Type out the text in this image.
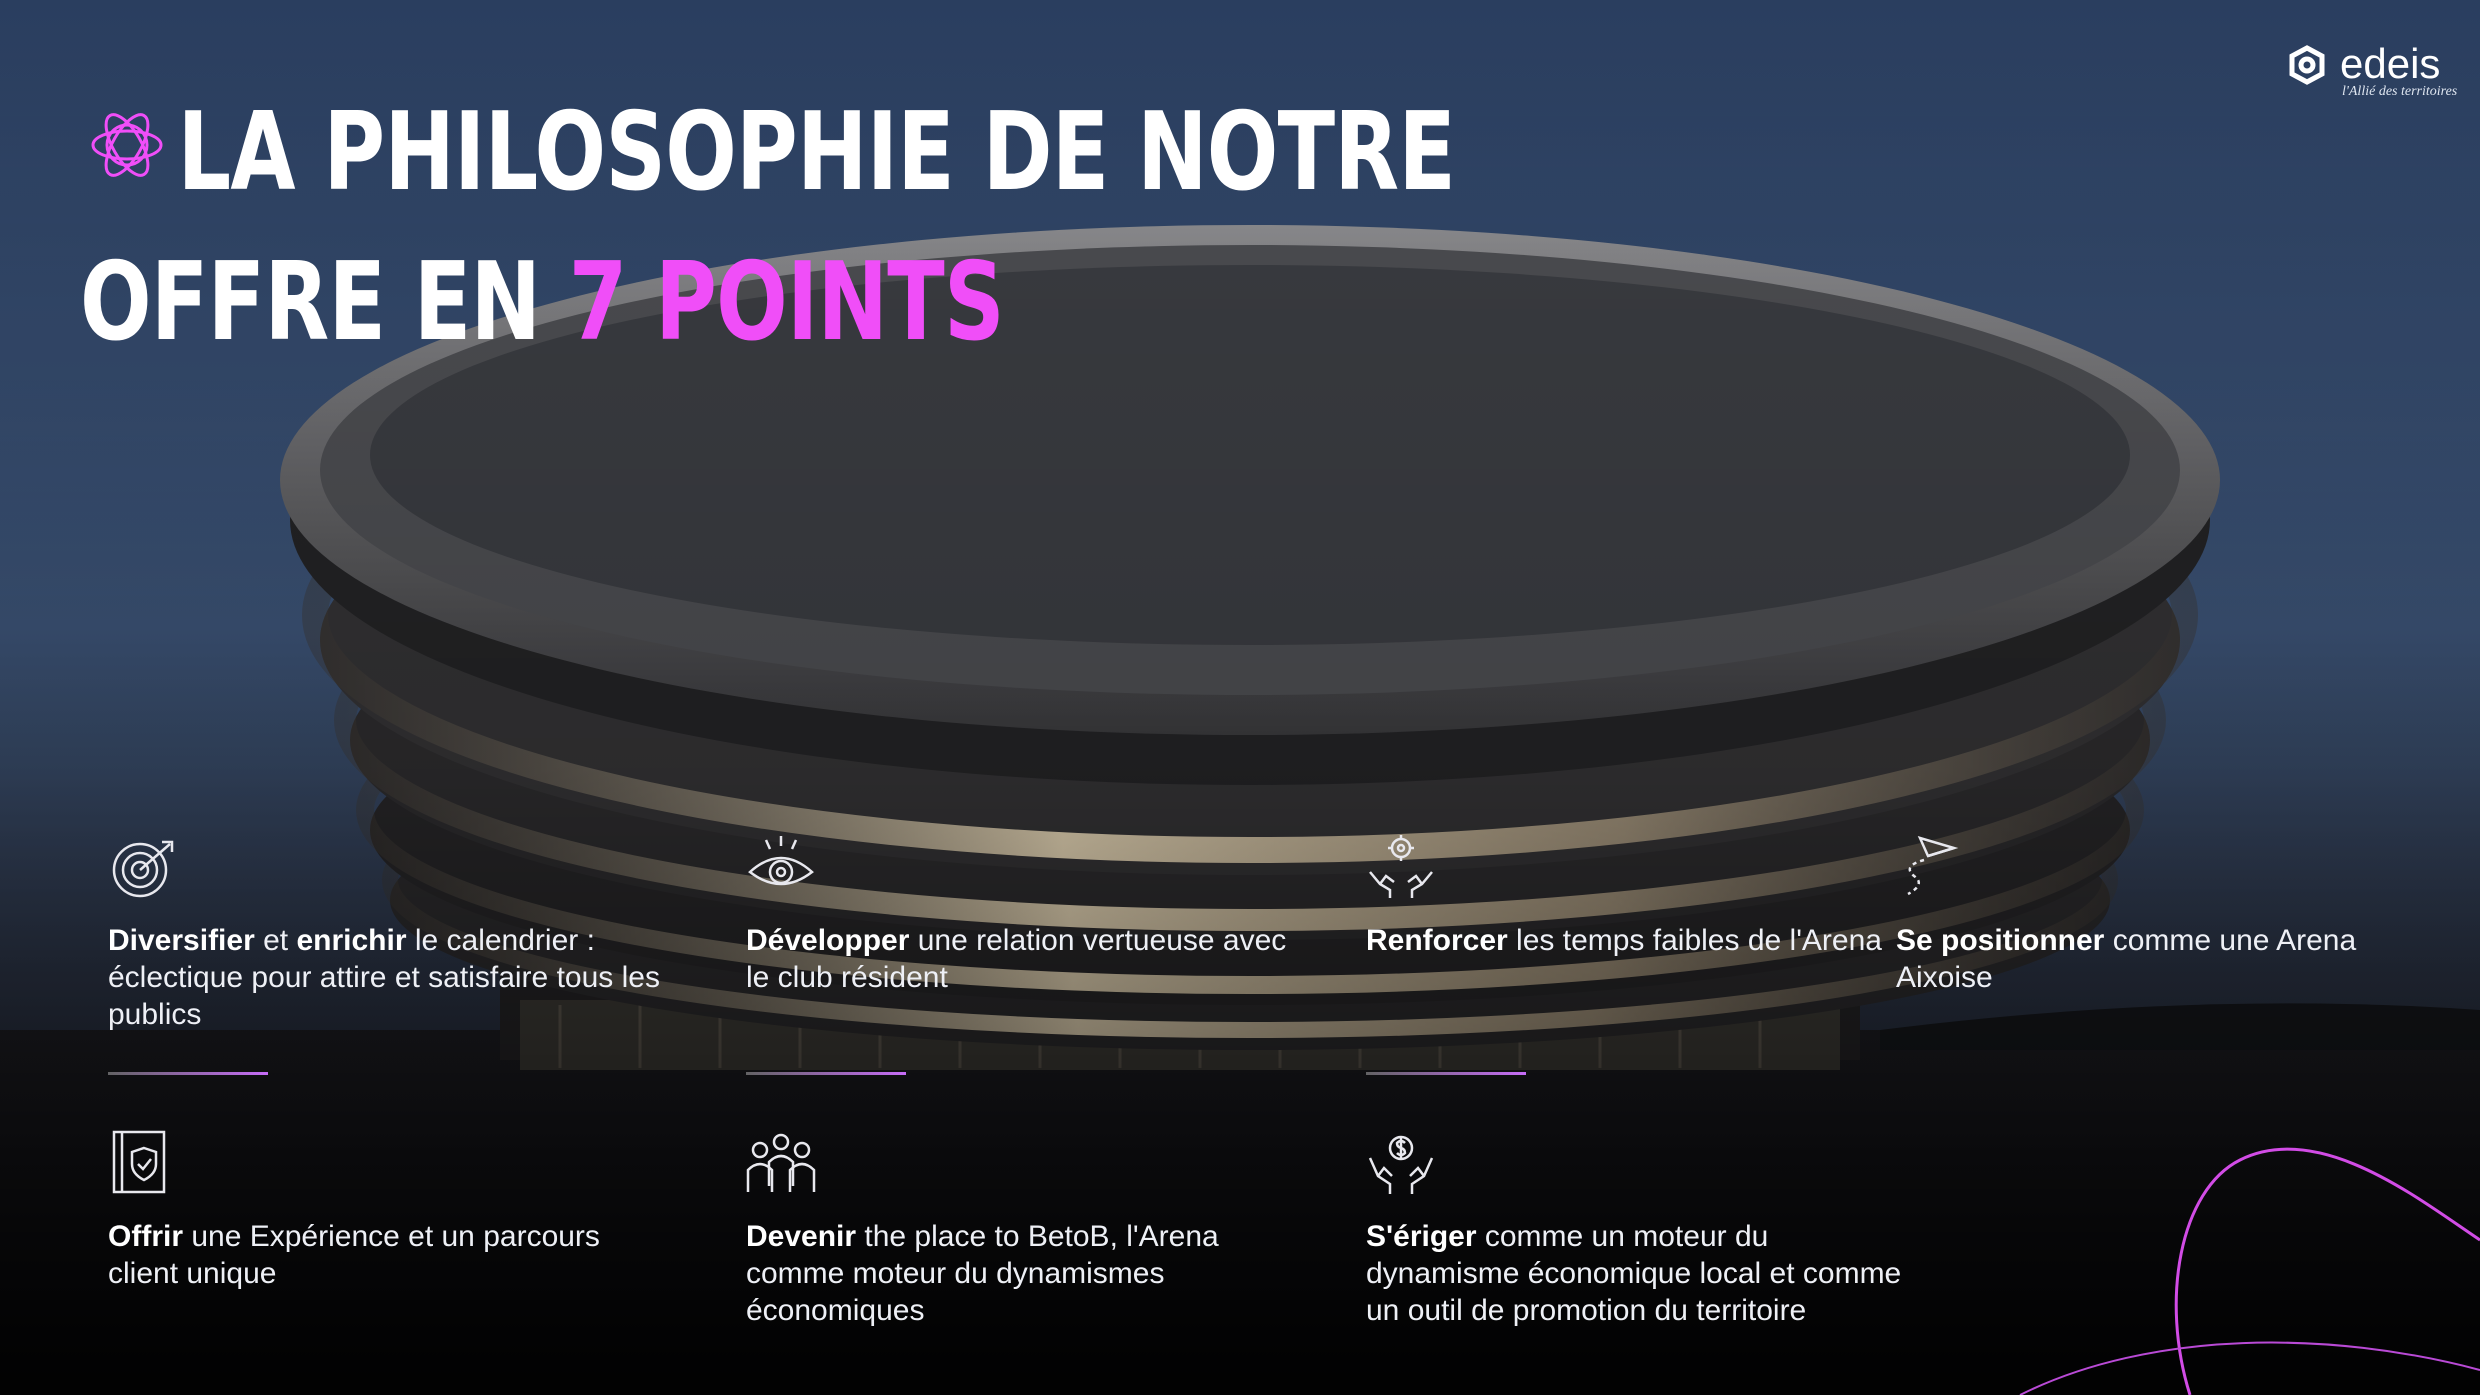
LA PHILOSOPHIE DE NOTRE
OFFRE EN 7 POINTS
edeis
l'Allié des territoires

Diversifier et enrichir le calendrier : éclectique pour attire et satisfaire tous les publics

Développer une relation vertueuse avec le club résident

Renforcer les temps faibles de l'Arena Se positionner comme une Arena Aixoise

Offrir une Expérience et un parcours client unique

Devenir the place to BetoB, l'Arena comme moteur du dynamismes économiques

S'ériger comme un moteur du dynamisme économique local et comme un outil de promotion du territoire
